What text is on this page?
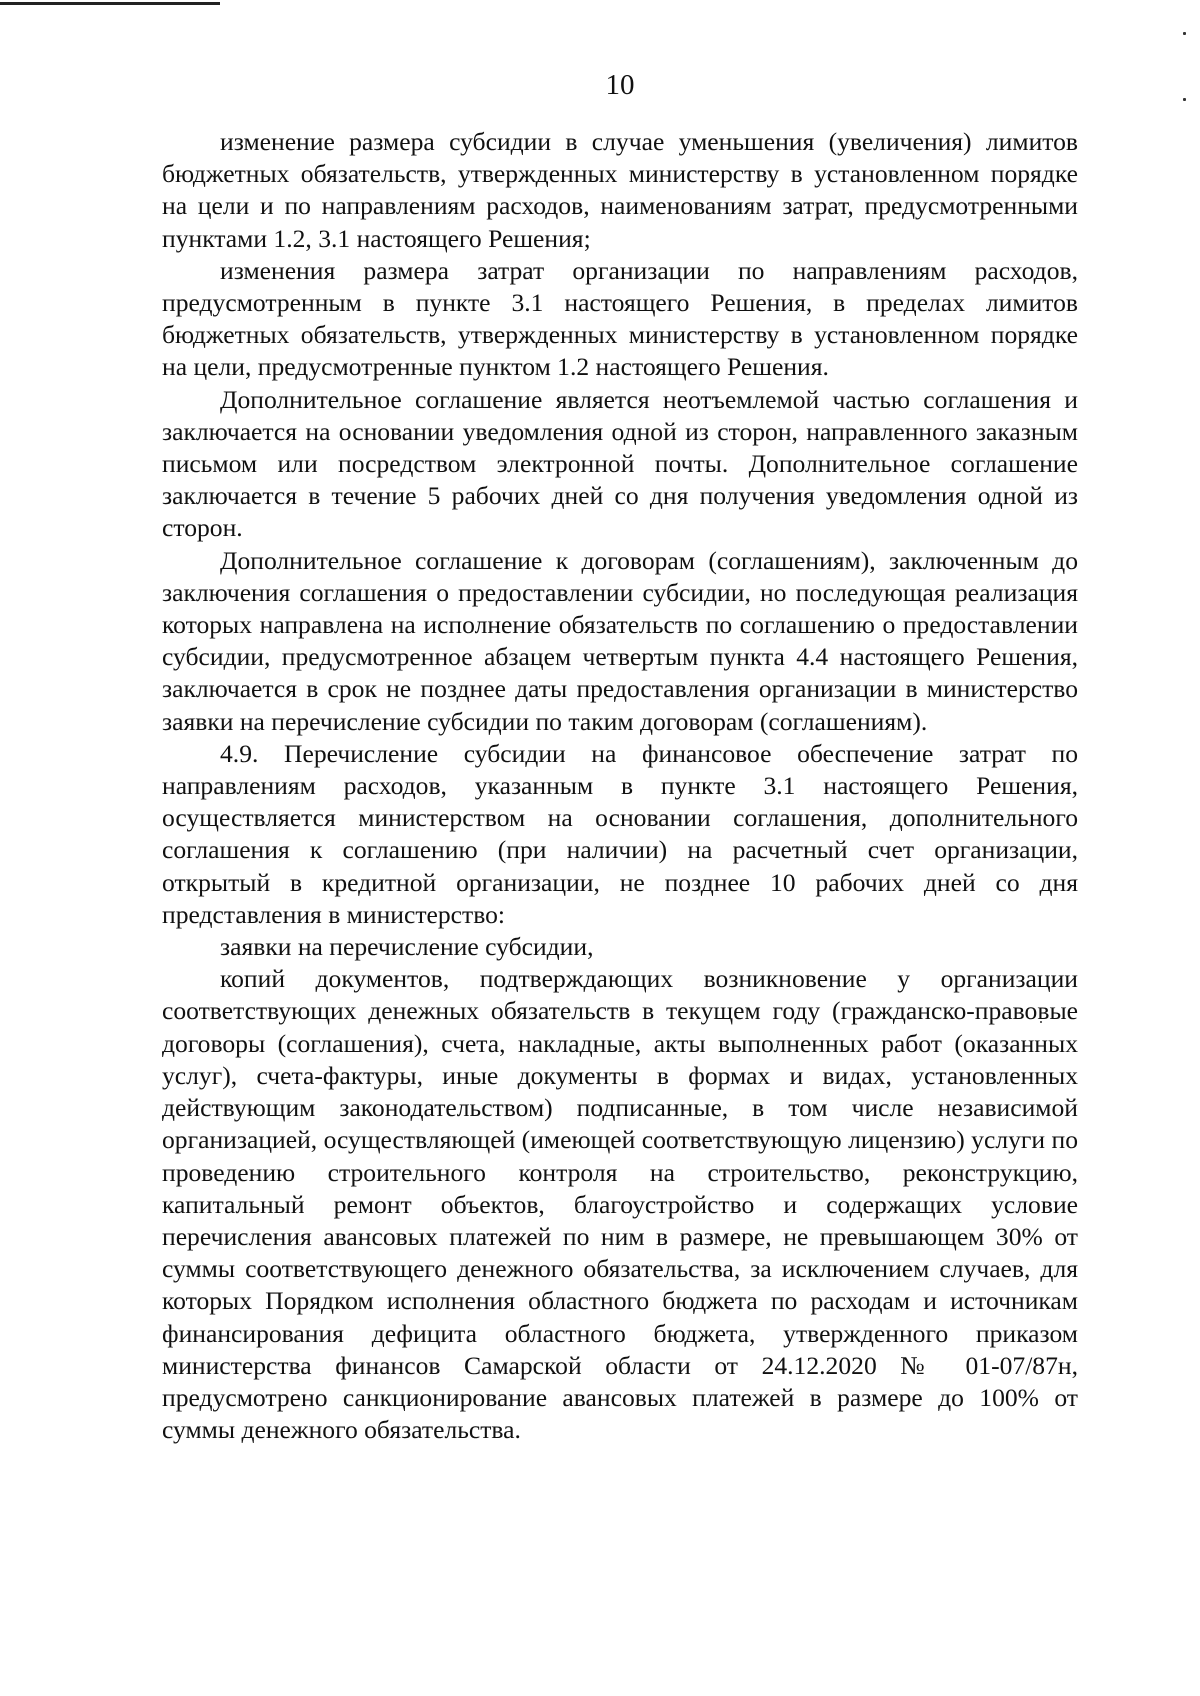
10

изменение размера субсидии в случае уменьшения (увеличения) лимитов бюджетных обязательств, утвержденных министерству в установленном порядке на цели и по направлениям расходов, наименованиям затрат, предусмотренными пунктами 1.2, 3.1 настоящего Решения;

изменения размера затрат организации по направлениям расходов, предусмотренным в пункте 3.1 настоящего Решения, в пределах лимитов бюджетных обязательств, утвержденных министерству в установленном порядке на цели, предусмотренные пунктом 1.2 настоящего Решения.

Дополнительное соглашение является неотъемлемой частью соглашения и заключается на основании уведомления одной из сторон, направленного заказным письмом или посредством электронной почты. Дополнительное соглашение заключается в течение 5 рабочих дней со дня получения уведомления одной из сторон.

Дополнительное соглашение к договорам (соглашениям), заключенным до заключения соглашения о предоставлении субсидии, но последующая реализация которых направлена на исполнение обязательств по соглашению о предоставлении субсидии, предусмотренное абзацем четвертым пункта 4.4 настоящего Решения, заключается в срок не позднее даты предоставления организации в министерство заявки на перечисление субсидии по таким договорам (соглашениям).

4.9. Перечисление субсидии на финансовое обеспечение затрат по направлениям расходов, указанным в пункте 3.1 настоящего Решения, осуществляется министерством на основании соглашения, дополнительного соглашения к соглашению (при наличии) на расчетный счет организации, открытый в кредитной организации, не позднее 10 рабочих дней со дня представления в министерство:

заявки на перечисление субсидии,

копий документов, подтверждающих возникновение у организации соответствующих денежных обязательств в текущем году (гражданско-правовые договоры (соглашения), счета, накладные, акты выполненных работ (оказанных услуг), счета-фактуры, иные документы в формах и видах, установленных действующим законодательством) подписанные, в том числе независимой организацией, осуществляющей (имеющей соответствующую лицензию) услуги по проведению строительного контроля на строительство, реконструкцию, капитальный ремонт объектов, благоустройство и содержащих условие перечисления авансовых платежей по ним в размере, не превышающем 30% от суммы соответствующего денежного обязательства, за исключением случаев, для которых Порядком исполнения областного бюджета по расходам и источникам финансирования дефицита областного бюджета, утвержденного приказом министерства финансов Самарской области от 24.12.2020 № 01-07/87н, предусмотрено санкционирование авансовых платежей в размере до 100% от суммы денежного обязательства.
